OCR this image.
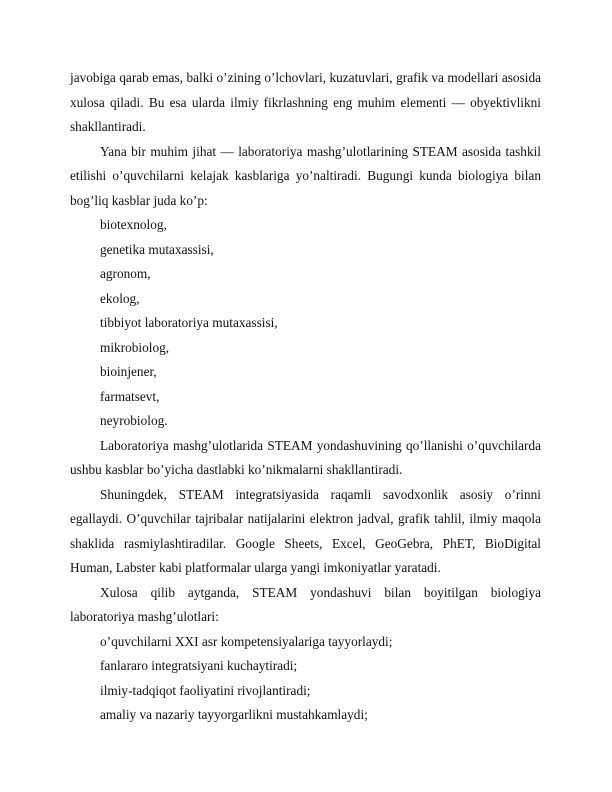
javobiga qarab emas, balki o’zining o’lchovlari, kuzatuvlari, grafik va modellari asosida xulosa qiladi. Bu esa ularda ilmiy fikrlashning eng muhim elementi — obyektivlikni shakllantiradi.

Yana bir muhim jihat — laboratoriya mashg’ulotlarining STEAM asosida tashkil etilishi o’quvchilarni kelajak kasblariga yo’naltiradi. Bugungi kunda biologiya bilan bog’liq kasblar juda ko’p:

biotexnolog,
genetika mutaxassisi,
agronom,
ekolog,
tibbiyot laboratoriya mutaxassisi,
mikrobiolog,
bioinjener,
farmatsevt,
neyrobiolog.

Laboratoriya mashg’ulotlarida STEAM yondashuvining qo’llanishi o’quvchilarda ushbu kasblar bo’yicha dastlabki ko’nikmalarni shakllantiradi.

Shuningdek, STEAM integratsiyasida raqamli savodxonlik asosiy o’rinni egallaydi. O’quvchilar tajribalar natijalarini elektron jadval, grafik tahlil, ilmiy maqola shaklida rasmiylashtiradilar. Google Sheets, Excel, GeoGebra, PhET, BioDigital Human, Labster kabi platformalar ularga yangi imkoniyatlar yaratadi.

Xulosa qilib aytganda, STEAM yondashuvi bilan boyitilgan biologiya laboratoriya mashg’ulotlari:

o’quvchilarni XXI asr kompetensiyalariga tayyorlaydi;
fanlararo integratsiyani kuchaytiradi;
ilmiy-tadqiqot faoliyatini rivojlantiradi;
amaliy va nazariy tayyorgarlikni mustahkamlaydi;
